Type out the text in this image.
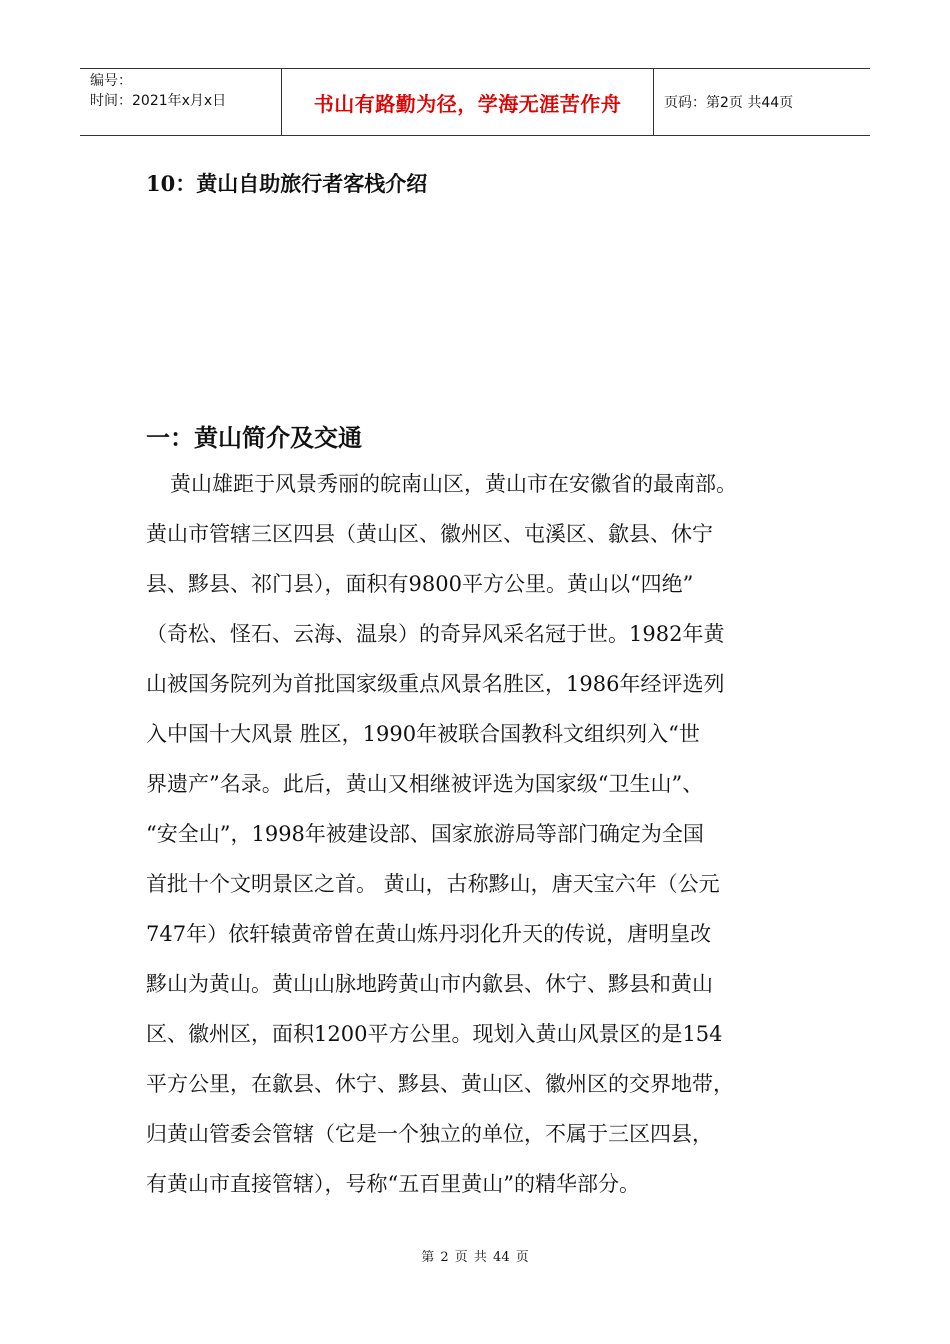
编号：
时间：2021年x月x日	书山有路勤为径，学海无涯苦作舟	页码：第2页 共44页
10：黄山自助旅行者客栈介绍
一：黄山简介及交通
黄山雄距于风景秀丽的皖南山区，黄山市在安徽省的最南部。
黄山市管辖三区四县（黄山区、徽州区、屯溪区、歙县、休宁
县、黟县、祁门县），面积有9800平方公里。黄山以“四绝”
（奇松、怪石、云海、温泉）的奇异风采名冠于世。1982年黄
山被国务院列为首批国家级重点风景名胜区，1986年经评选列
入中国十大风景 胜区，1990年被联合国教科文组织列入“世
界遗产”名录。此后，黄山又相继被评选为国家级“卫生山”、
“安全山”，1998年被建设部、国家旅游局等部门确定为全国
首批十个文明景区之首。 黄山，古称黟山，唐天宝六年（公元
747年）依轩辕黄帝曾在黄山炼丹羽化升天的传说，唐明皇改
黟山为黄山。黄山山脉地跨黄山市内歙县、休宁、黟县和黄山
区、徽州区，面积1200平方公里。现划入黄山风景区的是154
平方公里，在歙县、休宁、黟县、黄山区、徽州区的交界地带，
归黄山管委会管辖（它是一个独立的单位，不属于三区四县，
有黄山市直接管辖），号称“五百里黄山”的精华部分。
第 2 页 共 44 页
